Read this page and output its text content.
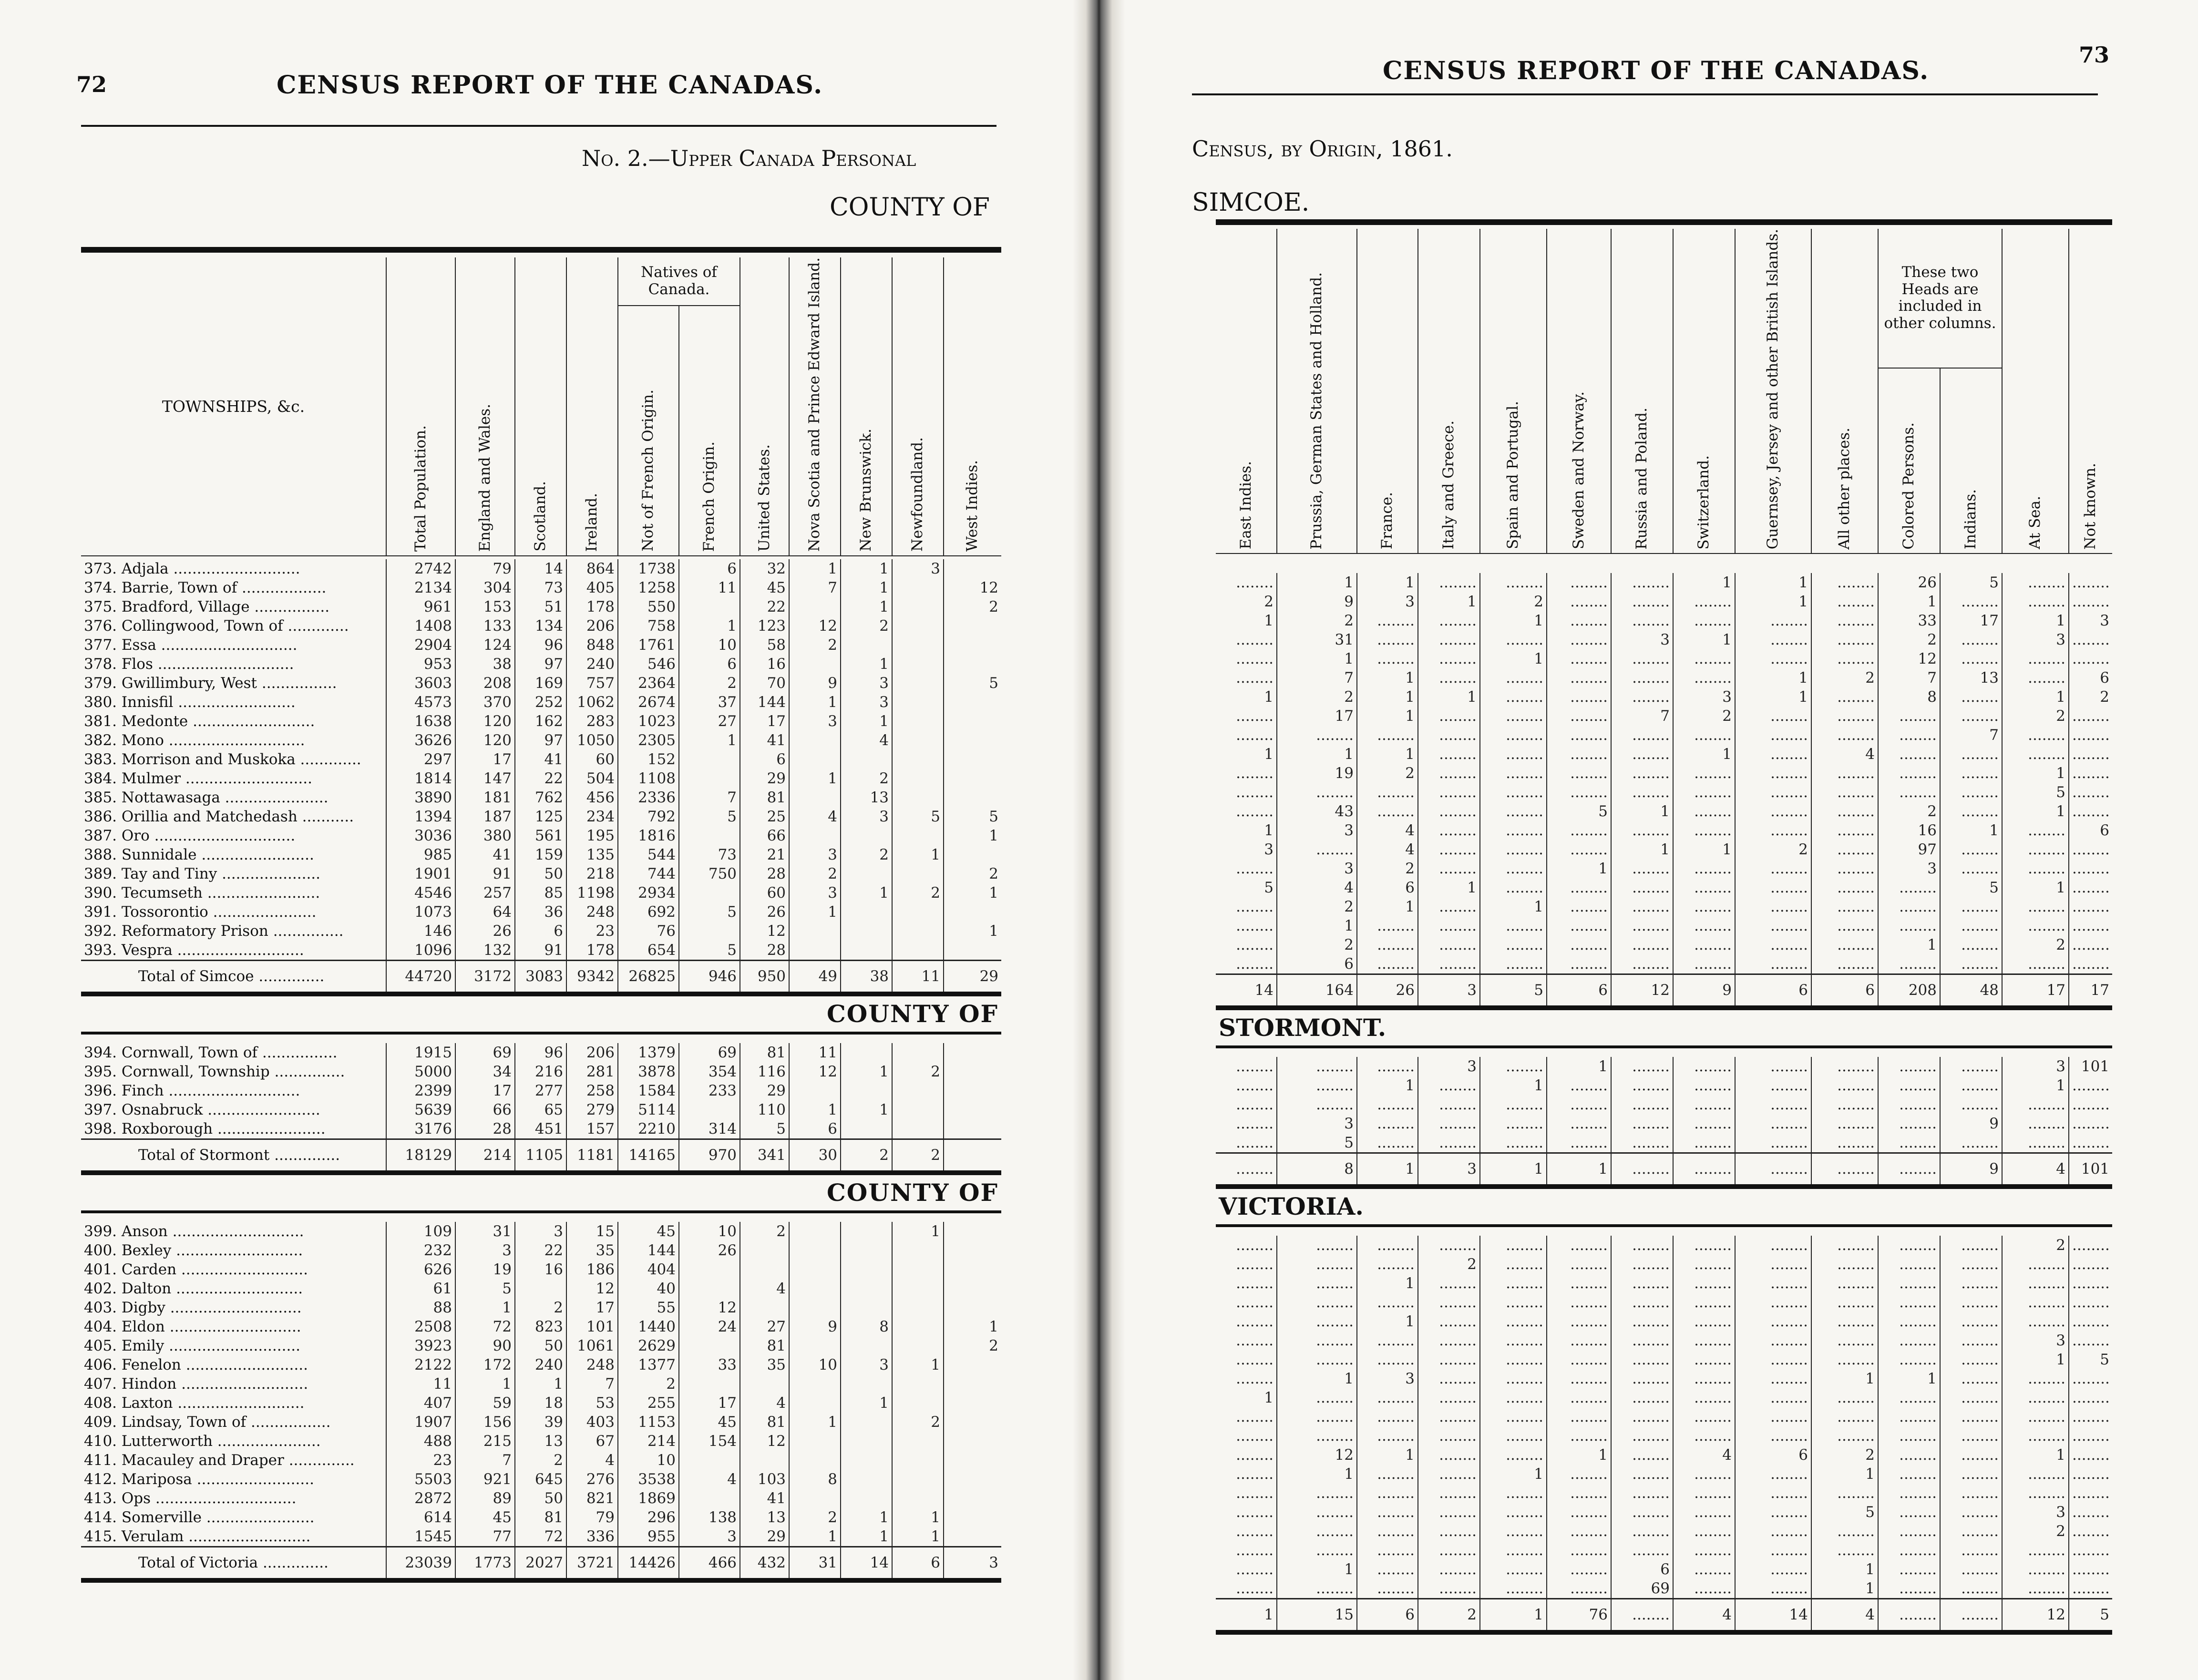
72	CENSUS REPORT OF THE CANADAS.
No. 2.—Upper Canada Personal
COUNTY OF
TOWNSHIPS, &c.	Total Population.	England and Wales.	Scotland.	Ireland.	Natives of Canada.		United States.	Nova Scotia and Prince Edward Island.	New Brunswick.	Newfoundland.	West Indies.
					Not of French Origin.	French Origin.					

373. Adjala ...........................	2742	79	14	864	1738	6	32	1	1	3	
374. Barrie, Town of ..................	2134	304	73	405	1258	11	45	7	1		12
375. Bradford, Village ................	961	153	51	178	550		22		1		2
376. Collingwood, Town of .............	1408	133	134	206	758	1	123	12	2		
377. Essa .............................	2904	124	96	848	1761	10	58	2			
378. Flos .............................	953	38	97	240	546	6	16		1		
379. Gwillimbury, West ................	3603	208	169	757	2364	2	70	9	3		5
380. Innisfil .........................	4573	370	252	1062	2674	37	144	1	3		
381. Medonte ..........................	1638	120	162	283	1023	27	17	3	1		
382. Mono .............................	3626	120	97	1050	2305	1	41		4		
383. Morrison and Muskoka .............	297	17	41	60	152		6				
384. Mulmer ...........................	1814	147	22	504	1108		29	1	2		
385. Nottawasaga ......................	3890	181	762	456	2336	7	81		13		
386. Orillia and Matchedash ...........	1394	187	125	234	792	5	25	4	3	5	5
387. Oro ..............................	3036	380	561	195	1816		66				1
388. Sunnidale ........................	985	41	159	135	544	73	21	3	2	1	
389. Tay and Tiny .....................	1901	91	50	218	744	750	28	2			2
390. Tecumseth ........................	4546	257	85	1198	2934		60	3	1	2	1
391. Tossorontio ......................	1073	64	36	248	692	5	26	1			
392. Reformatory Prison ...............	146	26	6	23	76		12				1
393. Vespra ...........................	1096	132	91	178	654	5	28				
Total of Simcoe ..............	44720	3172	3083	9342	26825	946	950	49	38	11	29
COUNTY OF											

394. Cornwall, Town of ................	1915	69	96	206	1379	69	81	11			
395. Cornwall, Township ...............	5000	34	216	281	3878	354	116	12	1	2	
396. Finch ............................	2399	17	277	258	1584	233	29				
397. Osnabruck ........................	5639	66	65	279	5114		110	1	1		
398. Roxborough .......................	3176	28	451	157	2210	314	5	6			
Total of Stormont ..............	18129	214	1105	1181	14165	970	341	30	2	2	
COUNTY OF											

399. Anson ............................	109	31	3	15	45	10	2			1	
400. Bexley ...........................	232	3	22	35	144	26					
401. Carden ...........................	626	19	16	186	404						
402. Dalton ...........................	61	5		12	40		4				
403. Digby ............................	88	1	2	17	55	12					
404. Eldon ............................	2508	72	823	101	1440	24	27	9	8		1
405. Emily ............................	3923	90	50	1061	2629		81				2
406. Fenelon ..........................	2122	172	240	248	1377	33	35	10	3	1	
407. Hindon ...........................	11	1	1	7	2						
408. Laxton ...........................	407	59	18	53	255	17	4		1		
409. Lindsay, Town of .................	1907	156	39	403	1153	45	81	1		2	
410. Lutterworth ......................	488	215	13	67	214	154	12				
411. Macauley and Draper ..............	23	7	2	4	10						
412. Mariposa .........................	5503	921	645	276	3538	4	103	8			
413. Ops ..............................	2872	89	50	821	1869		41				
414. Somerville .......................	614	45	81	79	296	138	13	2	1	1	
415. Verulam ..........................	1545	77	72	336	955	3	29	1	1	1	
Total of Victoria ..............	23039	1773	2027	3721	14426	466	432	31	14	6	3

CENSUS REPORT OF THE CANADAS.
73
Census, by Origin, 1861.
SIMCOE.
East Indies.	Prussia, German States and Holland.	France.	Italy and Greece.	Spain and Portugal.	Sweden and Norway.	Russia and Poland.	Switzerland.	Guernsey, Jersey and other British Islands.	All other places.	These two Heads are included in other columns.		At Sea.	Not known.
										Colored Persons.	Indians.		

........	1	1	........	........	........	........	1	1	........	26	5	........	........
2	9	3	1	2	........	........	........	1	........	1	........	........	........
1	2	........	........	1	........	........	........	........	........	33	17	1	3
........	31	........	........	........	........	3	1	........	........	2	........	3	........
........	1	........	........	1	........	........	........	........	........	12	........	........	........
........	7	1	........	........	........	........	........	1	2	7	13	........	6
1	2	1	1	........	........	........	3	1	........	8	........	1	2
........	17	1	........	........	........	7	2	........	........	........	........	2	........
........	........	........	........	........	........	........	........	........	........	........	7	........	........
1	1	1	........	........	........	........	1	........	4	........	........	........	........
........	19	2	........	........	........	........	........	........	........	........	........	1	........
........	........	........	........	........	........	........	........	........	........	........	........	5	........
........	43	........	........	........	5	1	........	........	........	2	........	1	........
1	3	4	........	........	........	........	........	........	........	16	1	........	6
3	........	4	........	........	........	1	1	2	........	97	........	........	........
........	3	2	........	........	1	........	........	........	........	3	........	........	........
5	4	6	1	........	........	........	........	........	........	........	5	1	........
........	2	1	........	1	........	........	........	........	........	........	........	........	........
........	1	........	........	........	........	........	........	........	........	........	........	........	........
........	2	........	........	........	........	........	........	........	........	1	........	2	........
........	6	........	........	........	........	........	........	........	........	........	........	........	........
14	164	26	3	5	6	12	9	6	6	208	48	17	17
STORMONT.													

........	........	........	3	........	1	........	........	........	........	........	........	3	101
........	........	1	........	1	........	........	........	........	........	........	........	1	........
........	........	........	........	........	........	........	........	........	........	........	........	........	........
........	3	........	........	........	........	........	........	........	........	........	9	........	........
........	5	........	........	........	........	........	........	........	........	........	........	........	........
........	8	1	3	1	1	........	........	........	........	........	9	4	101
VICTORIA.													

........	........	........	........	........	........	........	........	........	........	........	........	2	........
........	........	........	2	........	........	........	........	........	........	........	........	........	........
........	........	1	........	........	........	........	........	........	........	........	........	........	........
........	........	........	........	........	........	........	........	........	........	........	........	........	........
........	........	1	........	........	........	........	........	........	........	........	........	........	........
........	........	........	........	........	........	........	........	........	........	........	........	3	........
........	........	........	........	........	........	........	........	........	........	........	........	1	5
........	1	3	........	........	........	........	........	........	1	1	........	........	........
1	........	........	........	........	........	........	........	........	........	........	........	........	........
........	........	........	........	........	........	........	........	........	........	........	........	........	........
........	........	........	........	........	........	........	........	........	........	........	........	........	........
........	12	1	........	........	1	........	4	6	2	........	........	1	........
........	1	........	........	1	........	........	........	........	1	........	........	........	........
........	........	........	........	........	........	........	........	........	........	........	........	........	........
........	........	........	........	........	........	........	........	........	5	........	........	3	........
........	........	........	........	........	........	........	........	........	........	........	........	2	........
........	........	........	........	........	........	........	........	........	........	........	........	........	........
........	1	........	........	........	........	6	........	........	1	........	........	........	........
........	........	........	........	........	........	69	........	........	1	........	........	........	........
1	15	6	2	1	76	........	4	14	4	........	........	12	5
